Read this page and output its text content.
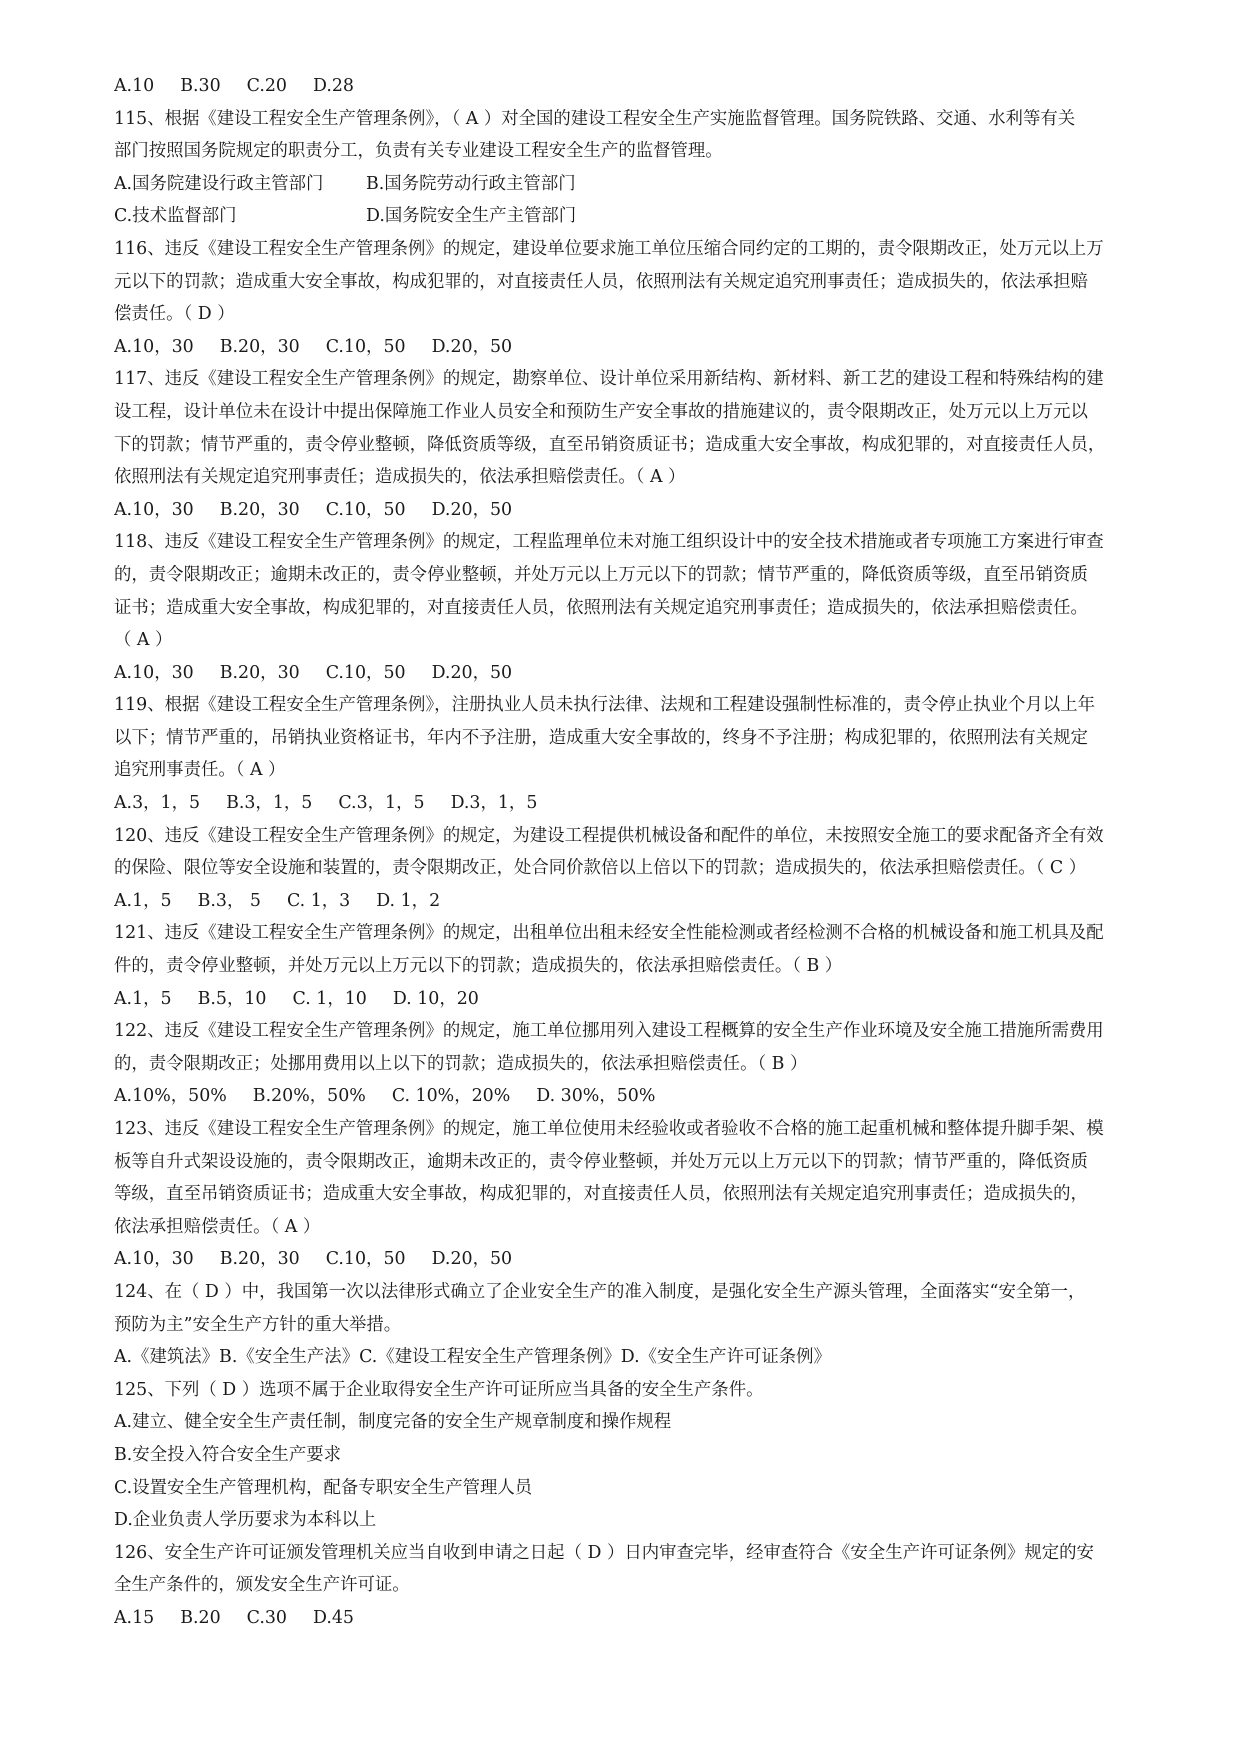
A.10 B.30 C.20 D.28
115、根据《建设工程安全生产管理条例》，（ A ）对全国的建设工程安全生产实施监督管理。国务院铁路、交通、水利等有关
部门按照国务院规定的职责分工，负责有关专业建设工程安全生产的监督管理。
A.国务院建设行政主管部门 B.国务院劳动行政主管部门
C.技术监督部门	D.国务院安全生产主管部门
116、违反《建设工程安全生产管理条例》的规定，建设单位要求施工单位压缩合同约定的工期的，责令限期改正，处万元以上万
元以下的罚款；造成重大安全事故，构成犯罪的，对直接责任人员，依照刑法有关规定追究刑事责任；造成损失的，依法承担赔
偿责任。（ D ）
A.10，30 B.20，30 C.10，50 D.20，50
117、违反《建设工程安全生产管理条例》的规定，勘察单位、设计单位采用新结构、新材料、新工艺的建设工程和特殊结构的建
设工程，设计单位未在设计中提出保障施工作业人员安全和预防生产安全事故的措施建议的，责令限期改正，处万元以上万元以
下的罚款；情节严重的，责令停业整顿，降低资质等级，直至吊销资质证书；造成重大安全事故，构成犯罪的，对直接责任人员，
依照刑法有关规定追究刑事责任；造成损失的，依法承担赔偿责任。（ A ）
A.10，30 B.20，30 C.10，50 D.20，50
118、违反《建设工程安全生产管理条例》的规定，工程监理单位未对施工组织设计中的安全技术措施或者专项施工方案进行审查
的，责令限期改正；逾期未改正的，责令停业整顿，并处万元以上万元以下的罚款；情节严重的，降低资质等级，直至吊销资质
证书；造成重大安全事故，构成犯罪的，对直接责任人员，依照刑法有关规定追究刑事责任；造成损失的，依法承担赔偿责任。
（ A ）
A.10，30 B.20，30 C.10，50 D.20，50
119、根据《建设工程安全生产管理条例》，注册执业人员未执行法律、法规和工程建设强制性标准的，责令停止执业个月以上年
以下；情节严重的，吊销执业资格证书，年内不予注册，造成重大安全事故的，终身不予注册；构成犯罪的，依照刑法有关规定
追究刑事责任。（ A ）
A.3，1，5 B.3，1，5 C.3，1，5 D.3，1，5
120、违反《建设工程安全生产管理条例》的规定，为建设工程提供机械设备和配件的单位，未按照安全施工的要求配备齐全有效
的保险、限位等安全设施和装置的，责令限期改正，处合同价款倍以上倍以下的罚款；造成损失的，依法承担赔偿责任。（ C ）
A.1，5 B.3， 5 C. 1，3 D. 1，2
121、违反《建设工程安全生产管理条例》的规定，出租单位出租未经安全性能检测或者经检测不合格的机械设备和施工机具及配
件的，责令停业整顿，并处万元以上万元以下的罚款；造成损失的，依法承担赔偿责任。（ B ）
A.1，5 B.5，10 C. 1，10 D. 10，20
122、违反《建设工程安全生产管理条例》的规定，施工单位挪用列入建设工程概算的安全生产作业环境及安全施工措施所需费用
的，责令限期改正；处挪用费用以上以下的罚款；造成损失的，依法承担赔偿责任。（ B ）
A.10%，50% B.20%，50% C. 10%，20% D. 30%，50%
123、违反《建设工程安全生产管理条例》的规定，施工单位使用未经验收或者验收不合格的施工起重机械和整体提升脚手架、模
板等自升式架设设施的，责令限期改正，逾期未改正的，责令停业整顿，并处万元以上万元以下的罚款；情节严重的，降低资质
等级，直至吊销资质证书；造成重大安全事故，构成犯罪的，对直接责任人员，依照刑法有关规定追究刑事责任；造成损失的，
依法承担赔偿责任。（ A ）
A.10，30 B.20，30 C.10，50 D.20，50
124、在（ D ）中，我国第一次以法律形式确立了企业安全生产的准入制度，是强化安全生产源头管理，全面落实“安全第一，
预防为主”安全生产方针的重大举措。
A.《建筑法》B.《安全生产法》C.《建设工程安全生产管理条例》D.《安全生产许可证条例》
125、下列（ D ）选项不属于企业取得安全生产许可证所应当具备的安全生产条件。
A.建立、健全安全生产责任制，制度完备的安全生产规章制度和操作规程
B.安全投入符合安全生产要求
C.设置安全生产管理机构，配备专职安全生产管理人员
D.企业负责人学历要求为本科以上
126、安全生产许可证颁发管理机关应当自收到申请之日起（ D ）日内审查完毕，经审查符合《安全生产许可证条例》规定的安
全生产条件的，颁发安全生产许可证。
A.15 B.20 C.30 D.45
